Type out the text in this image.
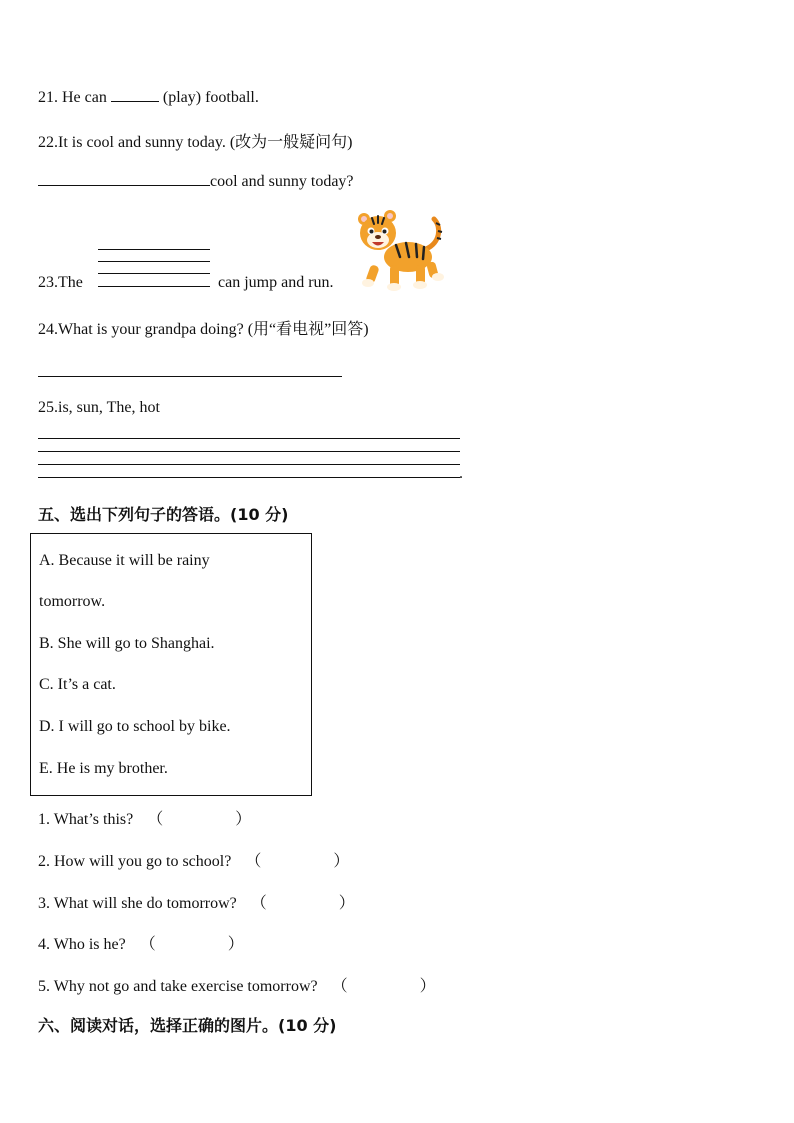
21. He can	(play) football.
22.It is cool and sunny today. (改为一般疑问句)
cool and sunny today?
23.The	can jump and run.
24.What is your grandpa doing? (用“看电视”回答)
25.is, sun, The, hot
.
五、选出下列句子的答语。(10 分)
A. Because it will be rainy
tomorrow.
B. She will go to Shanghai.
C. It’s a cat.
D. I will go to school by bike.
E. He is my brother.
1. What’s this? （	）
2. How will you go to school? （	）
3. What will she do tomorrow? （	）
4. Who is he? （	）
5. Why not go and take exercise tomorrow? （	）
六、阅读对话，选择正确的图片。(10 分)
